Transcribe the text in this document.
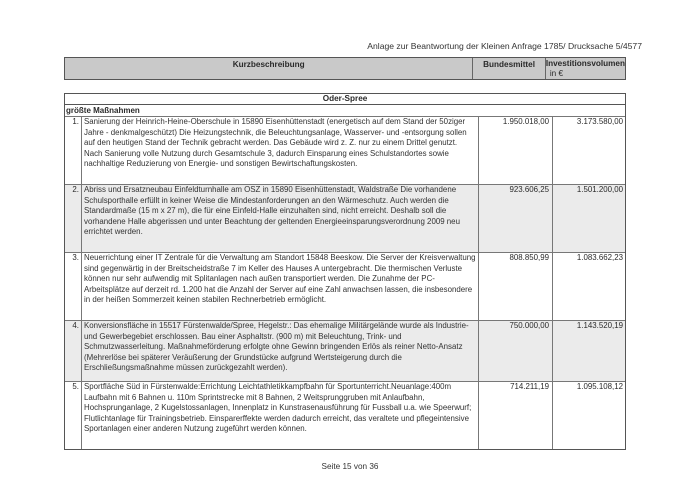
Anlage zur Beantwortung der Kleinen Anfrage 1785/ Drucksache 5/4577
Kurzbeschreibung	Bundesmittel	Investitionsvolumen
in €
Oder-Spree
größte Maßnahmen
1. Sanierung der Heinrich-Heine-Oberschule in 15890 Eisenhüttenstadt (energetisch auf dem Stand der 50ziger Jahre - denkmalgeschützt) Die Heizungstechnik, die Beleuchtungsanlage, Wasserver- und -entsorgung sollen auf den heutigen Stand der Technik gebracht werden. Das Gebäude wird z. Z. nur zu einem Drittel genutzt. Nach Sanierung volle Nutzung durch Gesamtschule 3, dadurch Einsparung eines Schulstandortes sowie nachhaltige Reduzierung von Energie- und sonstigen Bewirtschaftungskosten.
1.950.018,00	3.173.580,00
2. Abriss und Ersatzneubau Einfeldturnhalle am OSZ in 15890 Eisenhüttenstadt, Waldstraße Die vorhandene Schulsporthalle erfüllt in keiner Weise die Mindestanforderungen an den Wärmeschutz. Auch werden die Standardmaße (15 m x 27 m), die für eine Einfeld-Halle einzuhalten sind, nicht erreicht. Deshalb soll die vorhandene Halle abgerissen und unter Beachtung der geltenden Energieeinsparungsverordnung 2009 neu errichtet werden.
923.606,25	1.501.200,00
3. Neuerrichtung einer IT Zentrale für die Verwaltung am Standort 15848 Beeskow. Die Server der Kreisverwaltung sind gegenwärtig in der Breitscheidstraße 7 im Keller des Hauses A untergebracht. Die thermischen Verluste können nur sehr aufwendig mit Splitanlagen nach außen transportiert werden. Die Zunahme der PC-Arbeitsplätze auf derzeit rd. 1.200 hat die Anzahl der Server auf eine Zahl anwachsen lassen, die insbesondere in der heißen Sommerzeit keinen stabilen Rechnerbetrieb ermöglicht.
808.850,99	1.083.662,23
4. Konversionsfläche in 15517 Fürstenwalde/Spree, Hegelstr.: Das ehemalige Militärgelände wurde als Industrie- und Gewerbegebiet erschlossen. Bau einer Asphaltstr. (900 m) mit Beleuchtung, Trink- und Schmutzwasserleitung. Maßnahmeförderung erfolgte ohne Gewinn bringenden Erlös als reiner Netto-Ansatz (Mehrerlöse bei späterer Veräußerung der Grundstücke aufgrund Wertsteigerung durch die Erschließungsmaßnahme müssen zurückgezahlt werden).
750.000,00	1.143.520,19
5. Sportfläche Süd in Fürstenwalde:Errichtung Leichtathletikkampfbahn für Sportunterricht.Neuanlage:400m Laufbahn mit 6 Bahnen u. 110m Sprintstrecke mit 8 Bahnen, 2 Weitsprunggruben mit Anlaufbahn, Hochsprunganlage, 2 Kugelstossanlagen, Innenplatz in Kunstrasenausführung für Fussball u.a. wie Speerwurf; Flutlichtanlage für Trainingsbetrieb. Einsparerffekte werden dadurch erreicht, das veraltete und pflegeintensive Sportanlagen einer anderen Nutzung zugeführt werden können.
714.211,19	1.095.108,12
Seite 15 von 36
